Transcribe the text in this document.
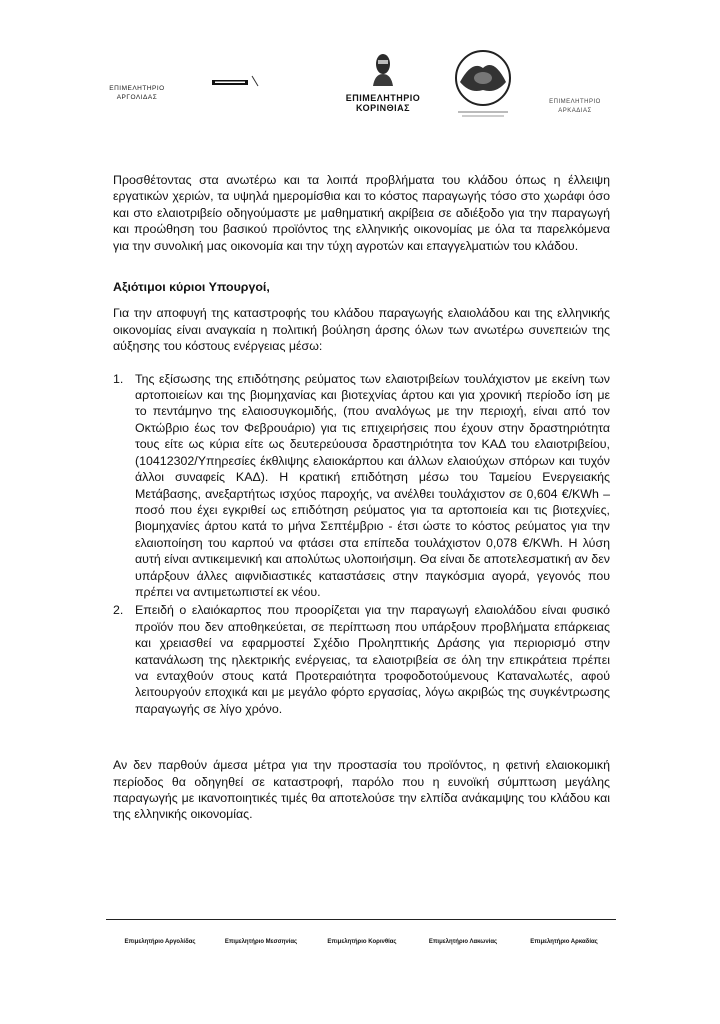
ΕΠΙΜΕΛΗΤΗΡΙΟ
ΑΡΓΟΛΙΔΑΣ	ΕΠΙΜΕΛΗΤΗΡΙΟ
ΚΟΡΙΝΘΙΑΣ
ΕΠΙΜΕΛΗΤΗΡΙΟ
ΑΡΚΑΔΙΑΣ

Προσθέτοντας στα ανωτέρω και τα λοιπά προβλήματα του κλάδου όπως η έλλειψη εργατικών χεριών, τα υψηλά ημερομίσθια και το κόστος παραγωγής τόσο στο χωράφι όσο και στο ελαιοτριβείο οδηγούμαστε με μαθηματική ακρίβεια σε αδιέξοδο για την παραγωγή και προώθηση του βασικού προϊόντος της ελληνικής οικονομίας με όλα τα παρελκόμενα για την συνολική μας οικονομία και την τύχη αγροτών και επαγγελματιών του κλάδου.

Αξιότιμοι κύριοι Υπουργοί,

Για την αποφυγή της καταστροφής του κλάδου παραγωγής ελαιολάδου και της ελληνικής οικονομίας είναι αναγκαία η πολιτική βούληση άρσης όλων των ανωτέρω συνεπειών της αύξησης του κόστους ενέργειας μέσω:

1. Της εξίσωσης της επιδότησης ρεύματος των ελαιοτριβείων τουλάχιστον με εκείνη των αρτοποιείων και της βιομηχανίας και βιοτεχνίας άρτου και για χρονική περίοδο ίση με το πεντάμηνο της ελαιοσυγκομιδής, (που αναλόγως με την περιοχή, είναι από τον Οκτώβριο έως τον Φεβρουάριο) για τις επιχειρήσεις που έχουν στην δραστηριότητα τους είτε ως κύρια είτε ως δευτερεύουσα δραστηριότητα τον ΚΑΔ του ελαιοτριβείου, (10412302/Υπηρεσίες έκθλιψης ελαιοκάρπου και άλλων ελαιούχων σπόρων και τυχόν άλλοι συναφείς ΚΑΔ). Η κρατική επιδότηση μέσω του Ταμείου Ενεργειακής Μετάβασης, ανεξαρτήτως ισχύος παροχής, να ανέλθει τουλάχιστον σε 0,604 €/KWh – ποσό που έχει εγκριθεί ως επιδότηση ρεύματος για τα αρτοποιεία και τις βιοτεχνίες, βιομηχανίες άρτου κατά το μήνα Σεπτέμβριο - έτσι ώστε το κόστος ρεύματος για την ελαιοποίηση του καρπού να φτάσει στα επίπεδα τουλάχιστον 0,078 €/KWh. Η λύση αυτή είναι αντικειμενική και απολύτως υλοποιήσιμη. Θα είναι δε αποτελεσματική αν δεν υπάρξουν άλλες αιφνιδιαστικές καταστάσεις στην παγκόσμια αγορά, γεγονός που πρέπει να αντιμετωπιστεί εκ νέου.
2. Επειδή ο ελαιόκαρπος που προορίζεται για την παραγωγή ελαιολάδου είναι φυσικό προϊόν που δεν αποθηκεύεται, σε περίπτωση που υπάρξουν προβλήματα επάρκειας και χρειασθεί να εφαρμοστεί Σχέδιο Προληπτικής Δράσης για περιορισμό στην κατανάλωση της ηλεκτρικής ενέργειας, τα ελαιοτριβεία σε όλη την επικράτεια πρέπει να ενταχθούν στους κατά Προτεραιότητα τροφοδοτούμενους Καταναλωτές, αφού λειτουργούν εποχικά και με μεγάλο φόρτο εργασίας, λόγω ακριβώς της συγκέντρωσης παραγωγής σε λίγο χρόνο.

Αν δεν παρθούν άμεσα μέτρα για την προστασία του προϊόντος, η φετινή ελαιοκομική περίοδος θα οδηγηθεί σε καταστροφή, παρόλο που η ευνοϊκή σύμπτωση μεγάλης παραγωγής με ικανοποιητικές τιμές θα αποτελούσε την ελπίδα ανάκαμψης του κλάδου και της ελληνικής οικονομίας.

Επιμελητήριο Αργολίδας	Επιμελητήριο Μεσσηνίας	Επιμελητήριο Κορινθίας	Επιμελητήριο Λακωνίας	Επιμελητήριο Αρκαδίας
